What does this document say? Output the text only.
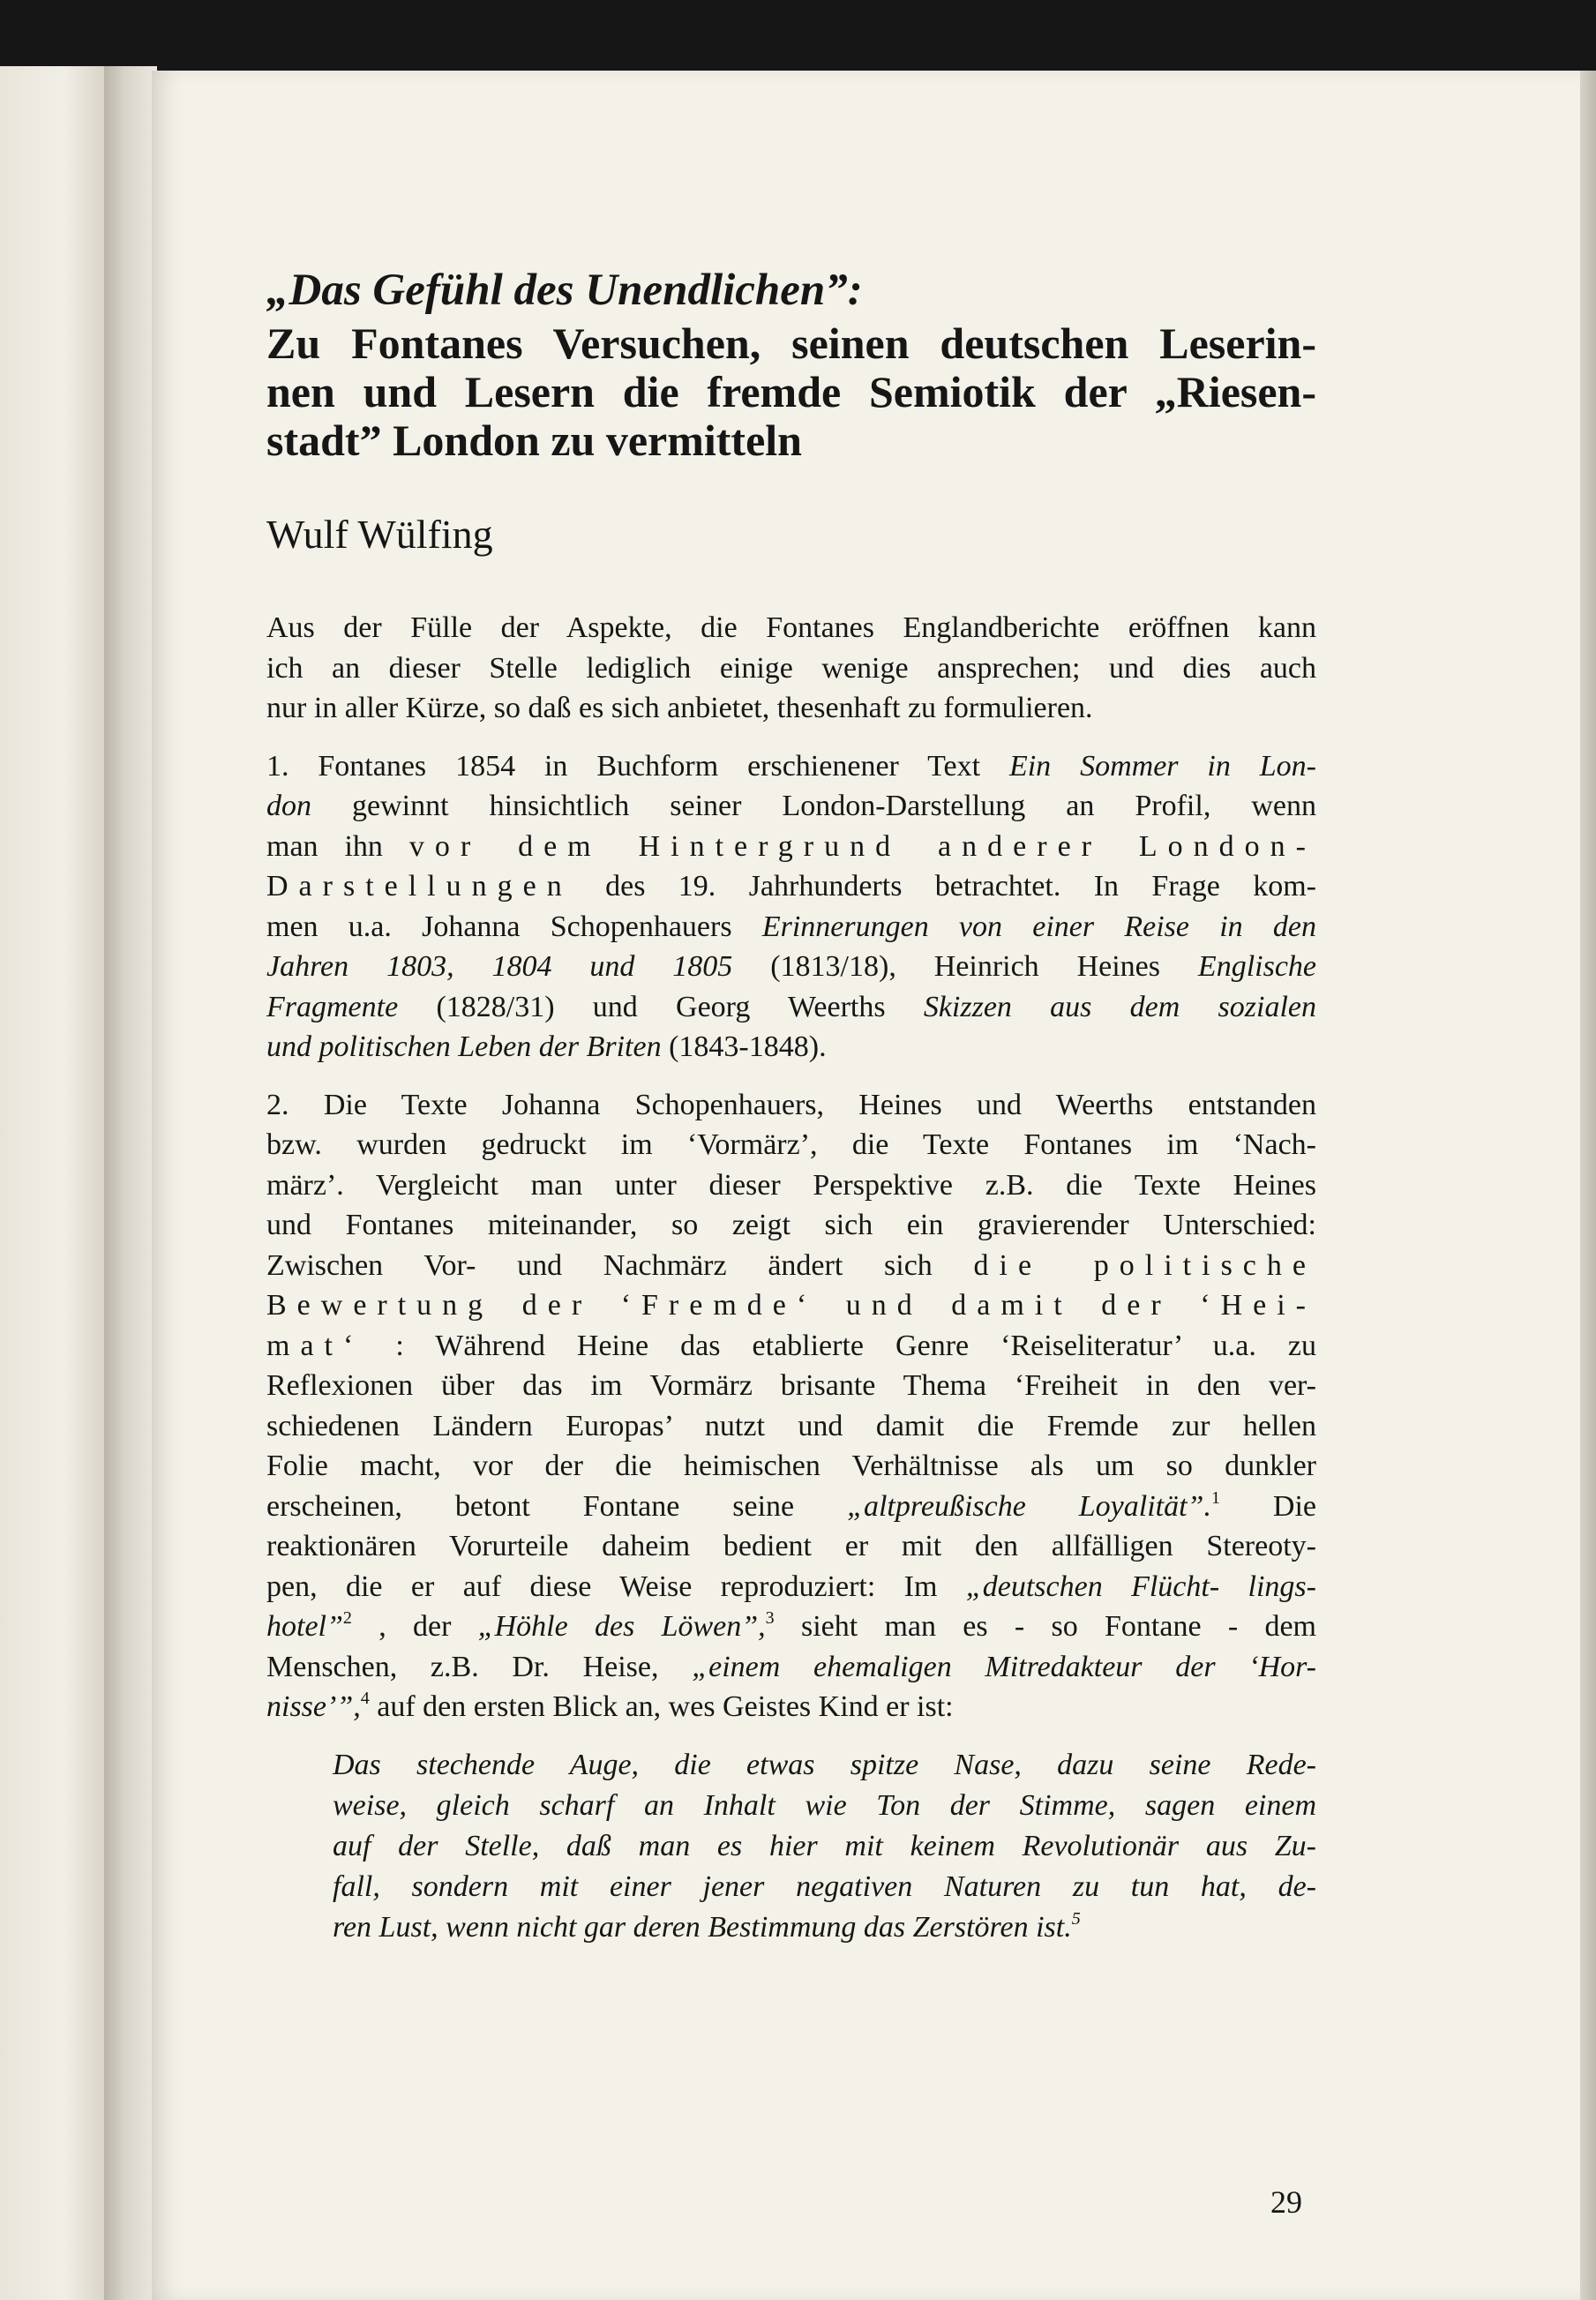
„Das Gefühl des Unendlichen”:

Zu Fontanes Versuchen, seinen deutschen Leserin-
nen und Lesern die fremde Semiotik der „Riesen-
stadt” London zu vermitteln
Wulf Wülfing
Aus der Fülle der Aspekte, die Fontanes Englandberichte eröffnen kann
ich an dieser Stelle lediglich einige wenige ansprechen; und dies auch
nur in aller Kürze, so daß es sich anbietet, thesenhaft zu formulieren.
1. Fontanes 1854 in Buchform erschienener Text Ein Sommer in Lon-
don gewinnt hinsichtlich seiner London-Darstellung an Profil, wenn
man ihn vor dem Hintergrund anderer London-
Darstellungen des 19. Jahrhunderts betrachtet. In Frage kom-
men u.a. Johanna Schopenhauers Erinnerungen von einer Reise in den
Jahren 1803, 1804 und 1805 (1813/18), Heinrich Heines Englische
Fragmente (1828/31) und Georg Weerths Skizzen aus dem sozialen
und politischen Leben der Briten (1843-1848).
2. Die Texte Johanna Schopenhauers, Heines und Weerths entstanden
bzw. wurden gedruckt im ‘Vormärz’, die Texte Fontanes im ‘Nach-
märz’. Vergleicht man unter dieser Perspektive z.B. die Texte Heines
und Fontanes miteinander, so zeigt sich ein gravierender Unterschied:
Zwischen Vor- und Nachmärz ändert sich die politische
Bewertung der ‘Fremde‘ und damit der ‘Hei-
mat‘ : Während Heine das etablierte Genre ‘Reiseliteratur’ u.a. zu
Reflexionen über das im Vormärz brisante Thema ‘Freiheit in den ver-
schiedenen Ländern Europas’ nutzt und damit die Fremde zur hellen
Folie macht, vor der die heimischen Verhältnisse als um so dunkler
erscheinen, betont Fontane seine „altpreußische Loyalität”.$^1$ Die
reaktionären Vorurteile daheim bedient er mit den allfälligen Stereoty-
pen, die er auf diese Weise reproduziert: Im „deutschen Flücht- lings-
hotel”$^2$ , der „Höhle des Löwen”,$^3$ sieht man es - so Fontane - dem
Menschen, z.B. Dr. Heise, „einem ehemaligen Mitredakteur der ‘Hor-
nisse’”,$^4$ auf den ersten Blick an, wes Geistes Kind er ist:
Das stechende Auge, die etwas spitze Nase, dazu seine Rede-
weise, gleich scharf an Inhalt wie Ton der Stimme, sagen einem
auf der Stelle, daß man es hier mit keinem Revolutionär aus Zu-
fall, sondern mit einer jener negativen Naturen zu tun hat, de-
ren Lust, wenn nicht gar deren Bestimmung das Zerstören ist.$^5$
29
